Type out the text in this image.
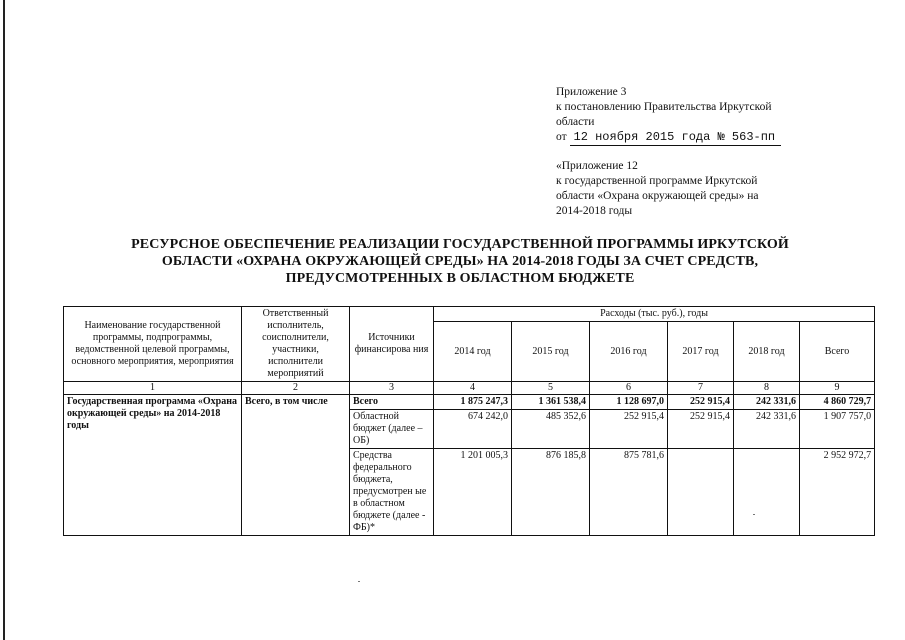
Приложение 3
к постановлению Правительства Иркутской
области
от 12 ноября 2015 года № 563-пп
«Приложение 12
к государственной программе Иркутской
области «Охрана окружающей среды» на
2014-2018 годы
РЕСУРСНОЕ ОБЕСПЕЧЕНИЕ РЕАЛИЗАЦИИ ГОСУДАРСТВЕННОЙ ПРОГРАММЫ ИРКУТСКОЙ
ОБЛАСТИ «ОХРАНА ОКРУЖАЮЩЕЙ СРЕДЫ» НА 2014-2018 ГОДЫ ЗА СЧЕТ СРЕДСТВ,
ПРЕДУСМОТРЕННЫХ В ОБЛАСТНОМ БЮДЖЕТЕ
Наименование государственной программы, подпрограммы, ведомственной целевой программы, основного мероприятия, мероприятия	Ответственный исполнитель, соисполнители, участники, исполнители мероприятий	Источники финансирова ния	Расходы (тыс. руб.), годы					
			2014 год	2015 год	2016 год	2017 год	2018 год	Всего
1	2	3	4	5	6	7	8	9
Государственная программа «Охрана окружающей среды» на 2014-2018 годы	Всего, в том числе	Всего	1 875 247,3	1 361 538,4	1 128 697,0	252 915,4	242 331,6	4 860 729,7
		Областной бюджет (далее – ОБ)	674 242,0	485 352,6	252 915,4	252 915,4	242 331,6	1 907 757,0
		Средства федерального бюджета, предусмотрен ые в областном бюджете (далее - ФБ)*	1 201 005,3	876 185,8	875 781,6			2 952 972,7
